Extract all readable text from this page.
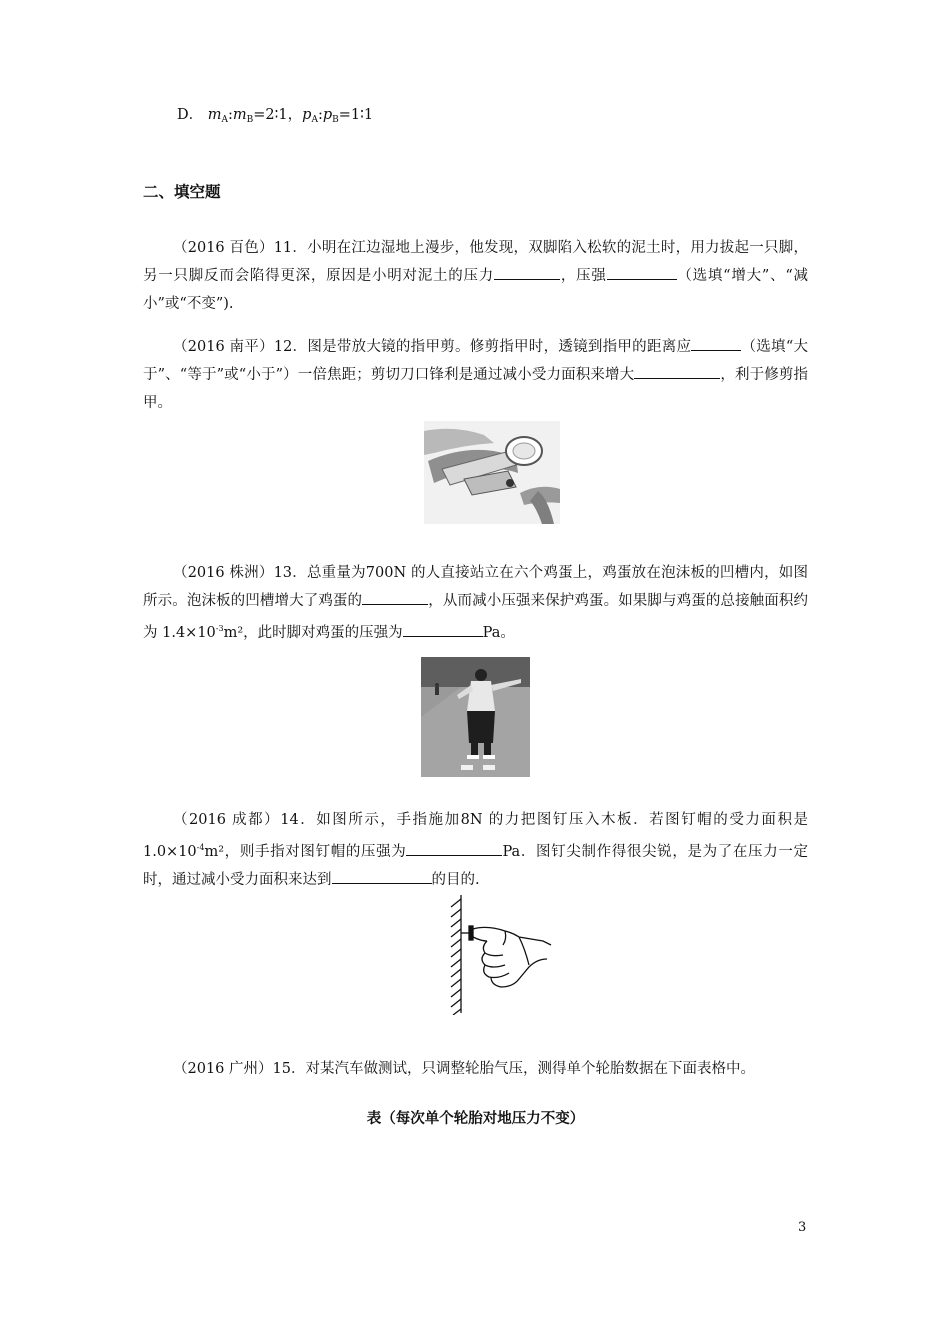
D． $m_A:m_B=2∶1$，$p_A:p_B=1∶1$
二、填空题
（2016 百色）11．小明在江边湿地上漫步，他发现，双脚陷入松软的泥土时，用力拔起一只脚，另一只脚反而会陷得更深，原因是小明对泥土的压力	，压强	（选填“增大”、“减小”或“不变”).
（2016 南平）12．图是带放大镜的指甲剪。修剪指甲时，透镜到指甲的距离应	（选填“大于”、“等于”或“小于”）一倍焦距；剪切刀口锋利是通过减小受力面积来增大	，利于修剪指甲。
（2016 株洲）13．总重量为700N 的人直接站立在六个鸡蛋上，鸡蛋放在泡沫板的凹槽内，如图所示。泡沫板的凹槽增大了鸡蛋的	，从而减小压强来保护鸡蛋。如果脚与鸡蛋的总接触面积约为 $1.4\times 10^{-3}m^2$，此时脚对鸡蛋的压强为	Pa。
（2016 成都）14．如图所示，手指施加8N 的力把图钉压入木板．若图钉帽的受力面积是 $1.0\times 10^{-4}m^2$，则手指对图钉帽的压强为	Pa．图钉尖制作得很尖锐，是为了在压力一定时，通过减小受力面积来达到	的目的.
（2016 广州）15．对某汽车做测试，只调整轮胎气压，测得单个轮胎数据在下面表格中。
表（每次单个轮胎对地压力不变）
3
